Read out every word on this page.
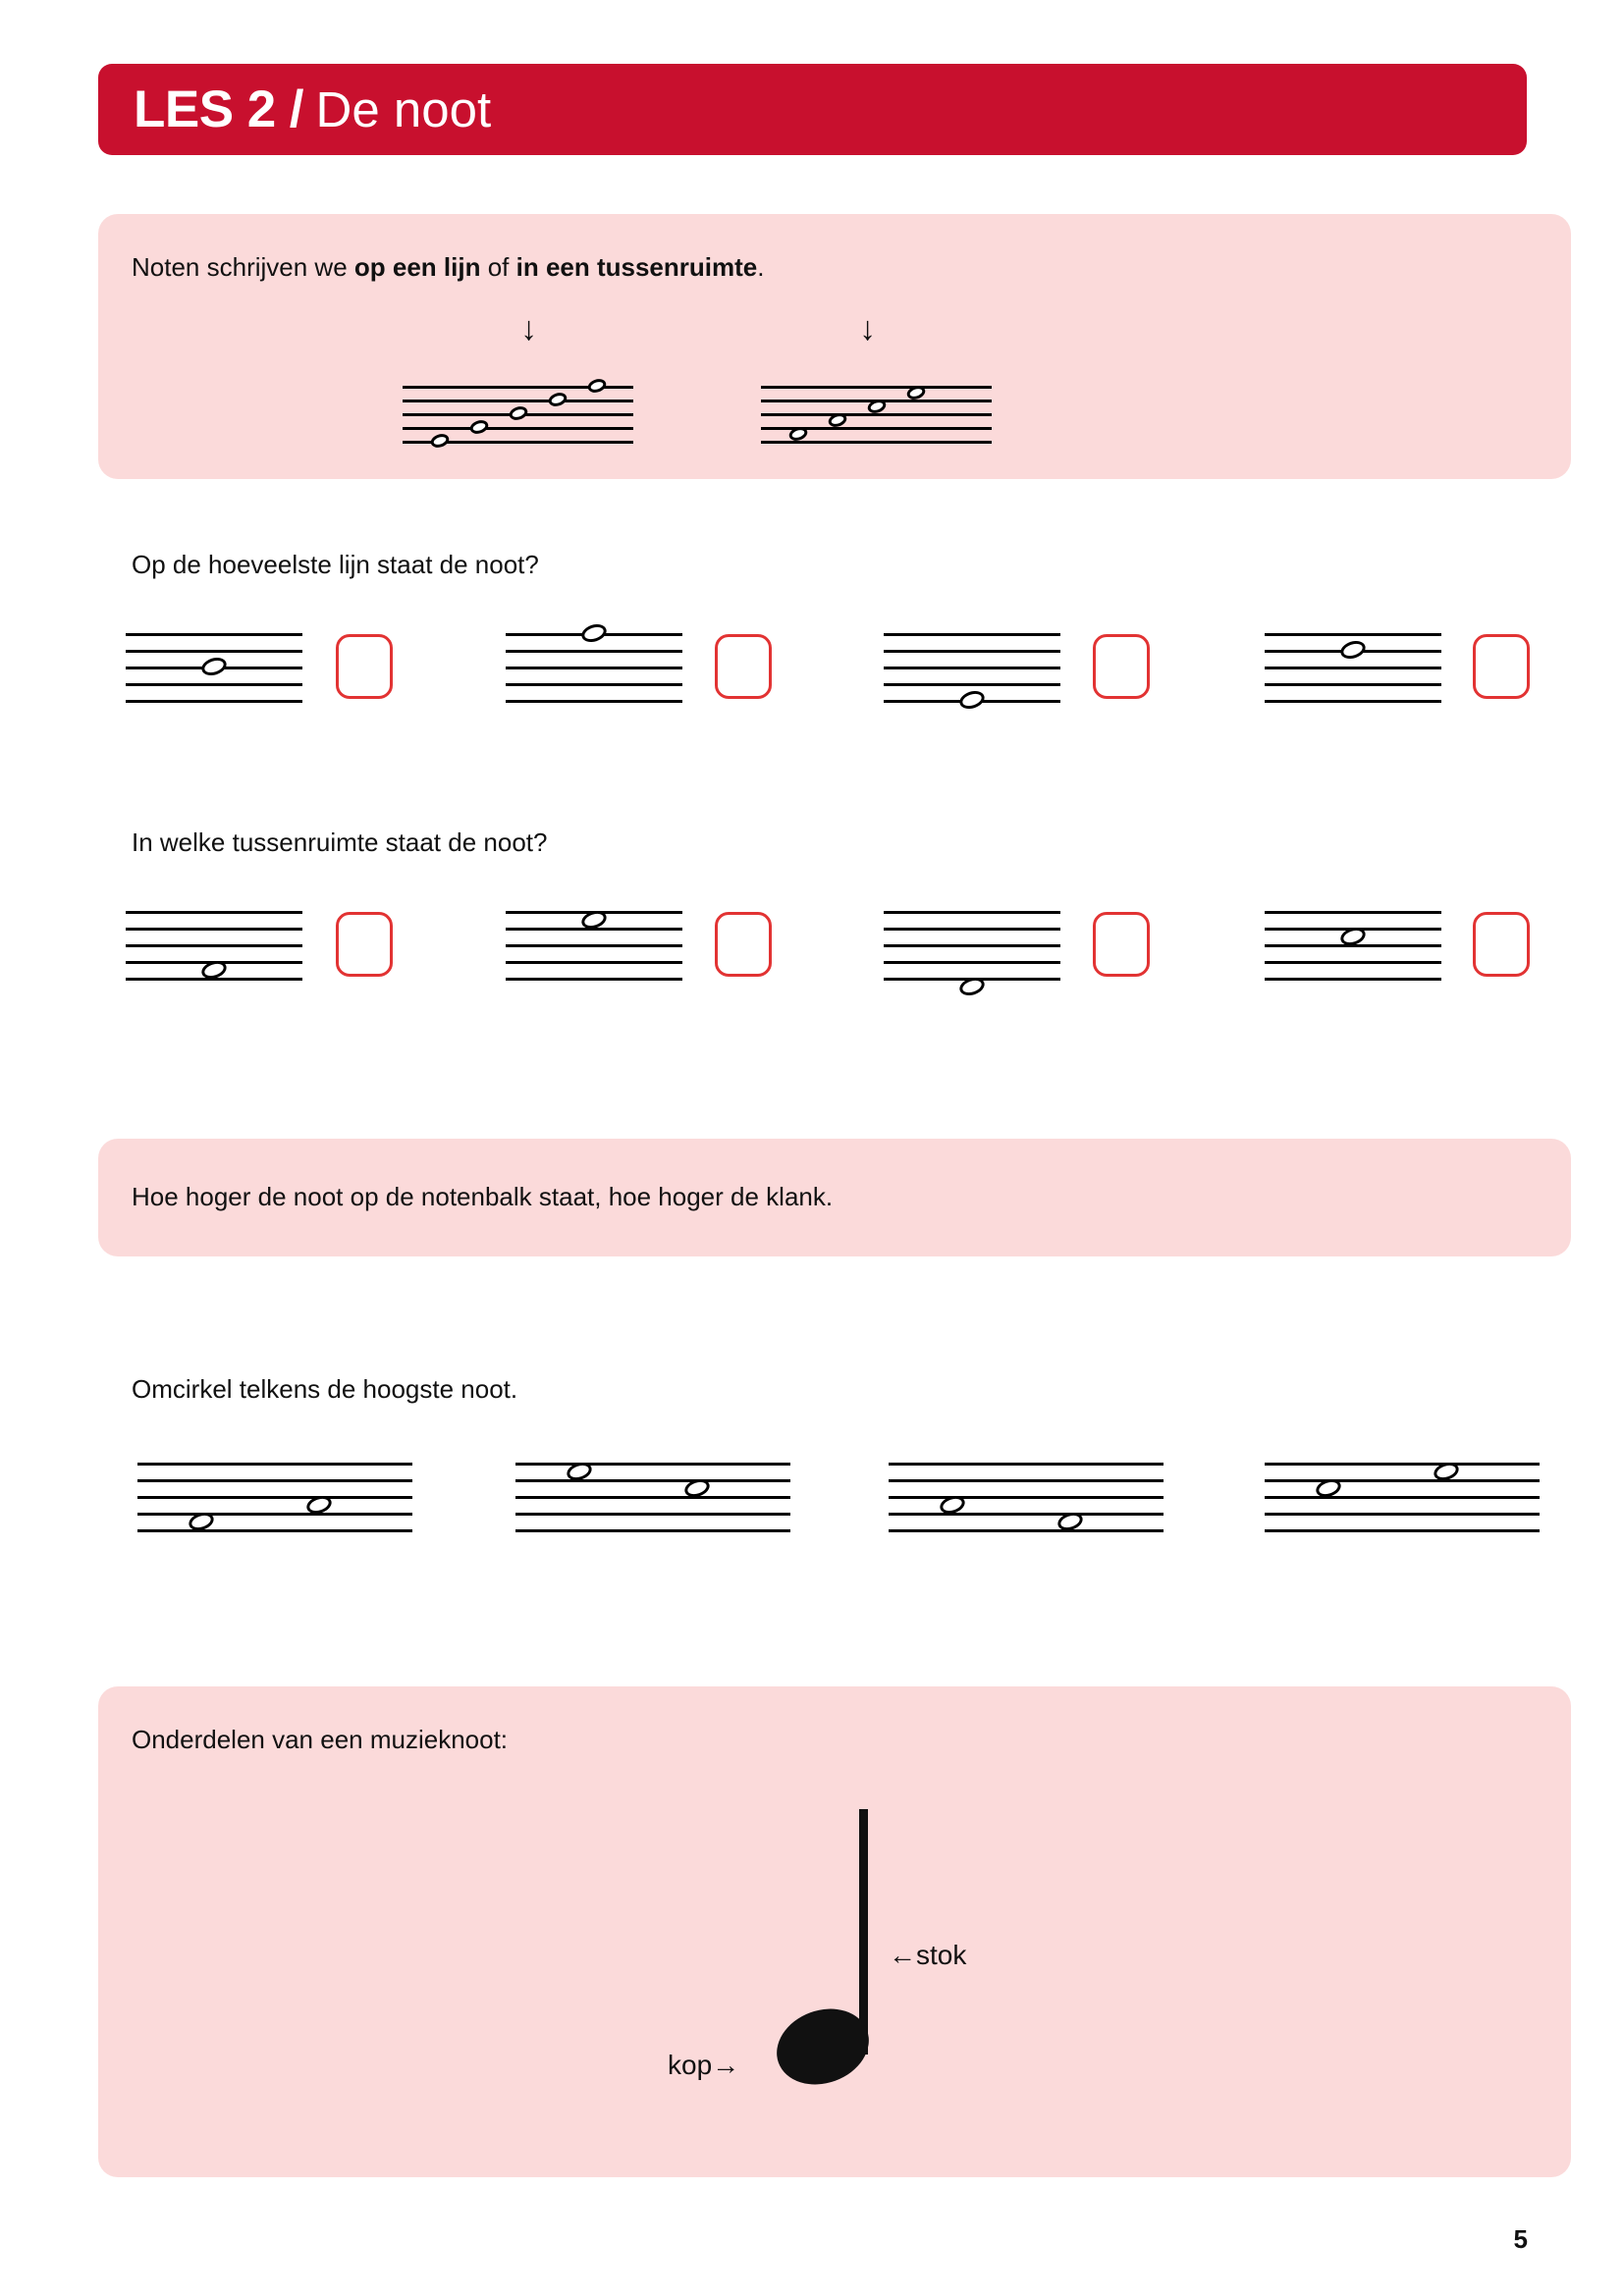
LES 2 / De noot
Noten schrijven we op een lijn of in een tussenruimte.
↓	↓
Op de hoeveelste lijn staat de noot?
In welke tussenruimte staat de noot?
Hoe hoger de noot op de notenbalk staat, hoe hoger de klank.
Omcirkel telkens de hoogste noot.
Onderdelen van een muzieknoot:
←stok
kop→
5
